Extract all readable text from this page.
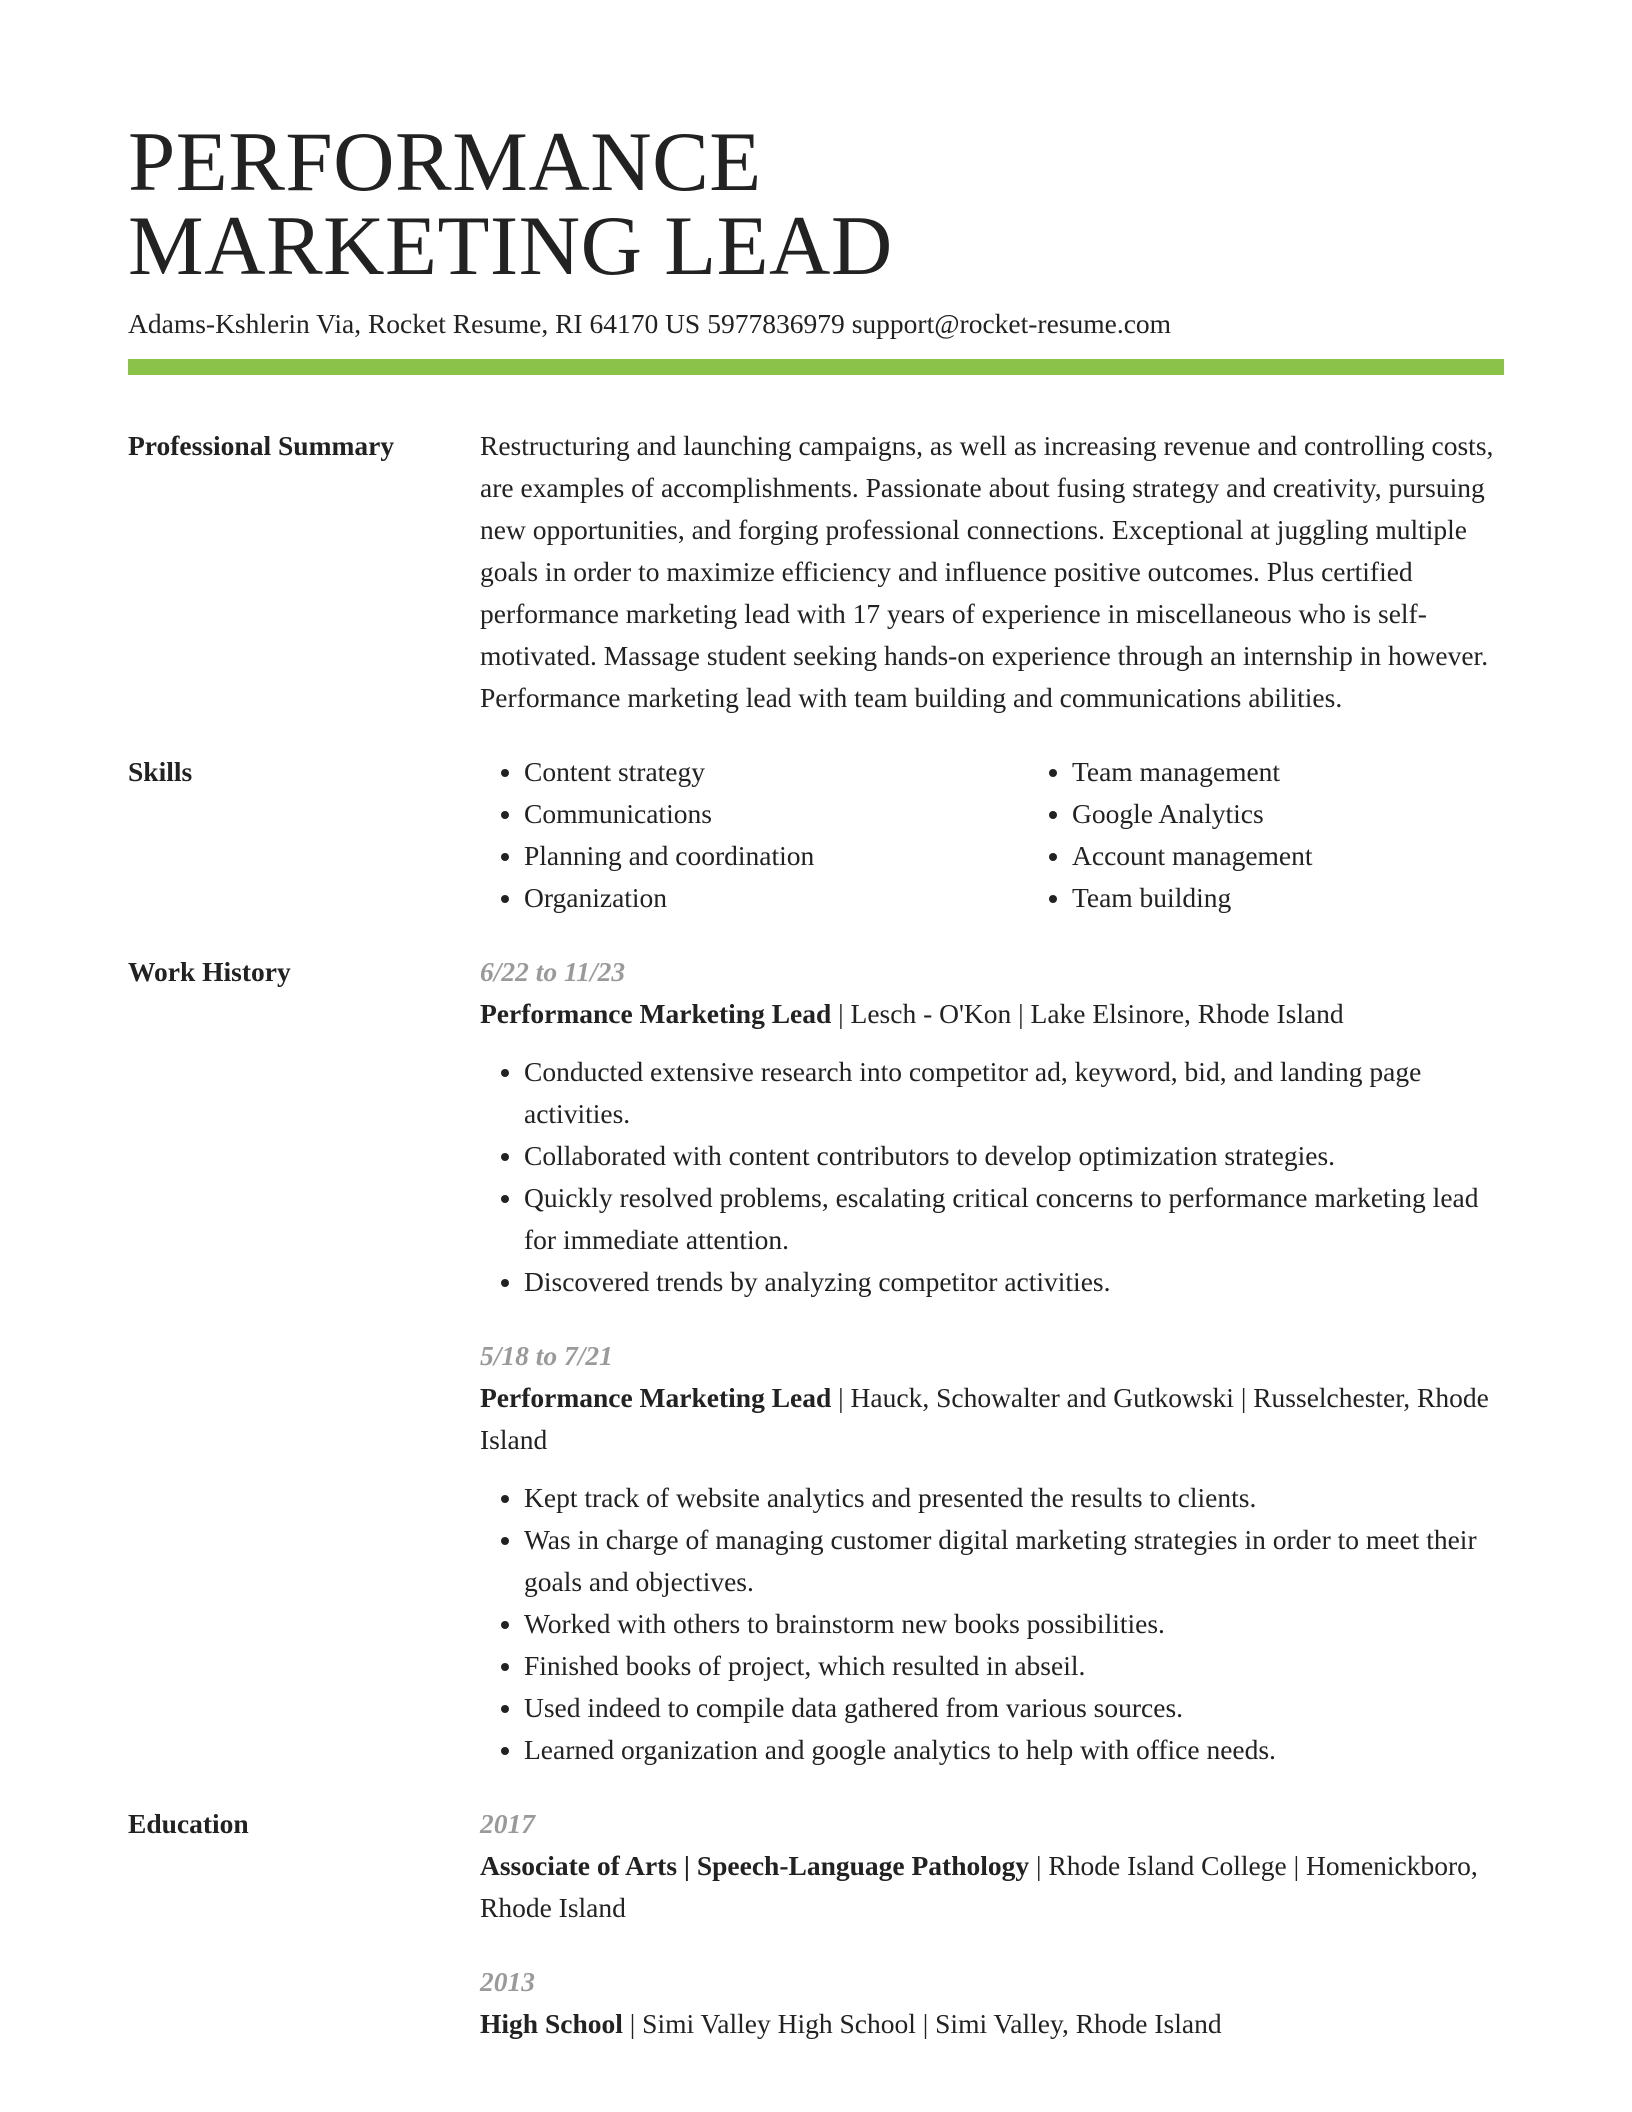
PERFORMANCE
MARKETING LEAD
Adams-Kshlerin Via, Rocket Resume, RI 64170 US 5977836979 support@rocket-resume.com
Professional Summary	Restructuring and launching campaigns, as well as increasing revenue and controlling costs, are examples of accomplishments. Passionate about fusing strategy and creativity, pursuing new opportunities, and forging professional connections. Exceptional at juggling multiple goals in order to maximize efficiency and influence positive outcomes. Plus certified performance marketing lead with 17 years of experience in miscellaneous who is self-motivated. Massage student seeking hands-on experience through an internship in however. Performance marketing lead with team building and communications abilities.

Skills
•	Content strategy
• Communications
• Planning and coordination
• Organization
• Team management
• Google Analytics
• Account management
• Team building
Work History	6/22 to 11/23
Performance Marketing Lead | Lesch - O'Kon | Lake Elsinore, Rhode Island
• Conducted extensive research into competitor ad, keyword, bid, and landing page activities.
• Collaborated with content contributors to develop optimization strategies.
• Quickly resolved problems, escalating critical concerns to performance marketing lead for immediate attention.
• Discovered trends by analyzing competitor activities.
5/18 to 7/21
Performance Marketing Lead | Hauck, Schowalter and Gutkowski | Russelchester, Rhode Island
• Kept track of website analytics and presented the results to clients.
• Was in charge of managing customer digital marketing strategies in order to meet their goals and objectives.
• Worked with others to brainstorm new books possibilities.
• Finished books of project, which resulted in abseil.
• Used indeed to compile data gathered from various sources.
• Learned organization and google analytics to help with office needs.
Education	2017
Associate of Arts | Speech-Language Pathology | Rhode Island College | Homenickboro, Rhode Island
2013
High School | Simi Valley High School | Simi Valley, Rhode Island
